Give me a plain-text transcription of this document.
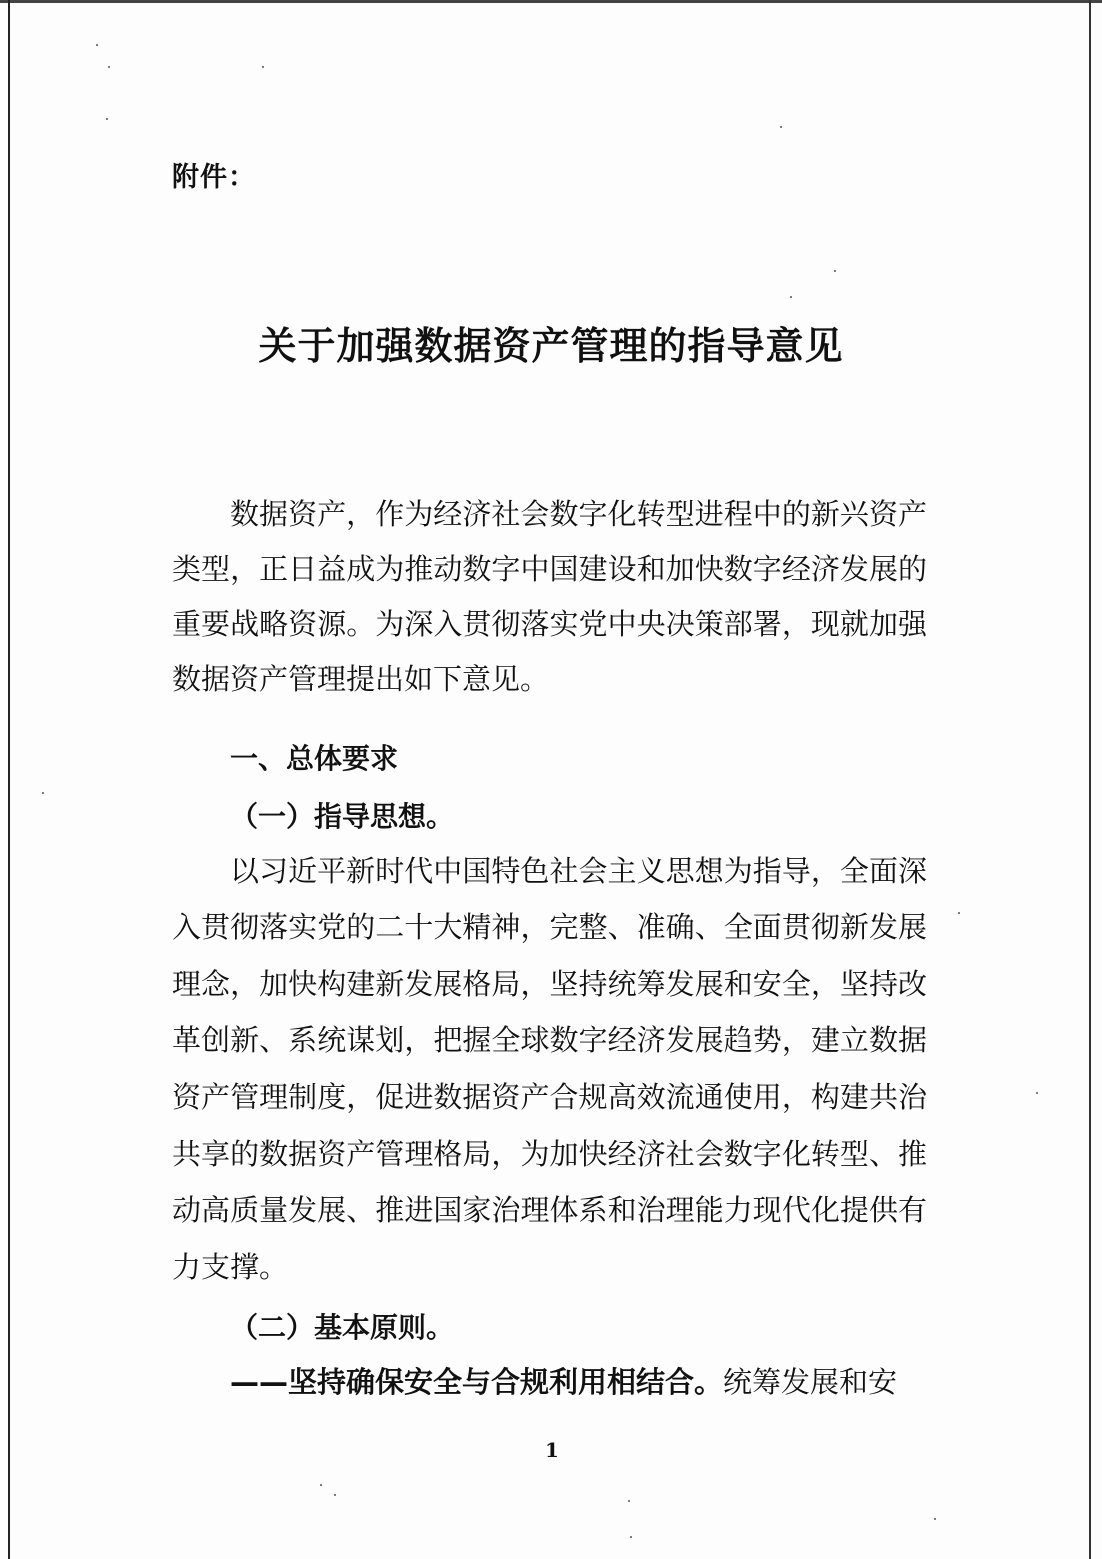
附件：
关于加强数据资产管理的指导意见
数据资产，作为经济社会数字化转型进程中的新兴资产
类型，正日益成为推动数字中国建设和加快数字经济发展的
重要战略资源。为深入贯彻落实党中央决策部署，现就加强
数据资产管理提出如下意见。
一、总体要求
（一）指导思想。
以习近平新时代中国特色社会主义思想为指导，全面深
入贯彻落实党的二十大精神，完整、准确、全面贯彻新发展
理念，加快构建新发展格局，坚持统筹发展和安全，坚持改
革创新、系统谋划，把握全球数字经济发展趋势，建立数据
资产管理制度，促进数据资产合规高效流通使用，构建共治
共享的数据资产管理格局，为加快经济社会数字化转型、推
动高质量发展、推进国家治理体系和治理能力现代化提供有
力支撑。
（二）基本原则。
——坚持确保安全与合规利用相结合。统筹发展和安
1
